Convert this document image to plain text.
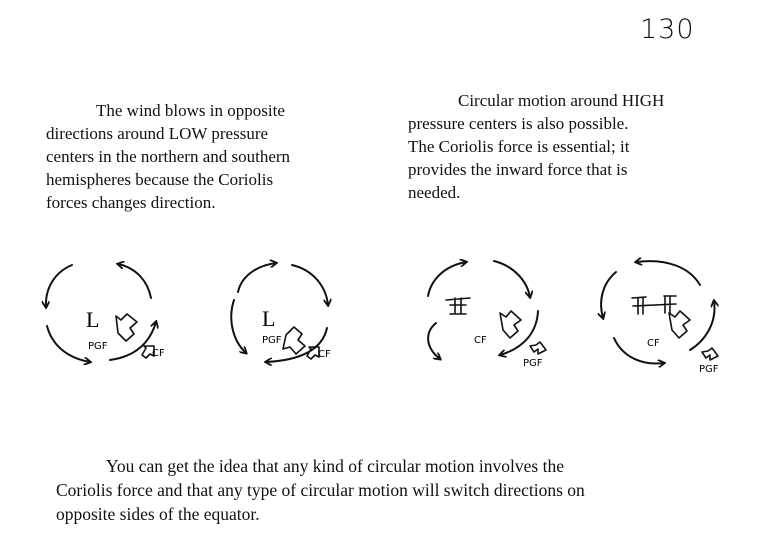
130
The wind blows in opposite
directions around LOW pressure
centers in the northern and southern
hemispheres because the Coriolis
forces changes direction.
Circular motion around HIGH
pressure centers is also possible.
The Coriolis force is essential; it
provides the inward force that is
needed.
L
PGF
CF
L
PGF
CF
CF
PGF
CF
PGF
You can get the idea that any kind of circular motion involves the
Coriolis force and that any type of circular motion will switch directions on
opposite sides of the equator.
